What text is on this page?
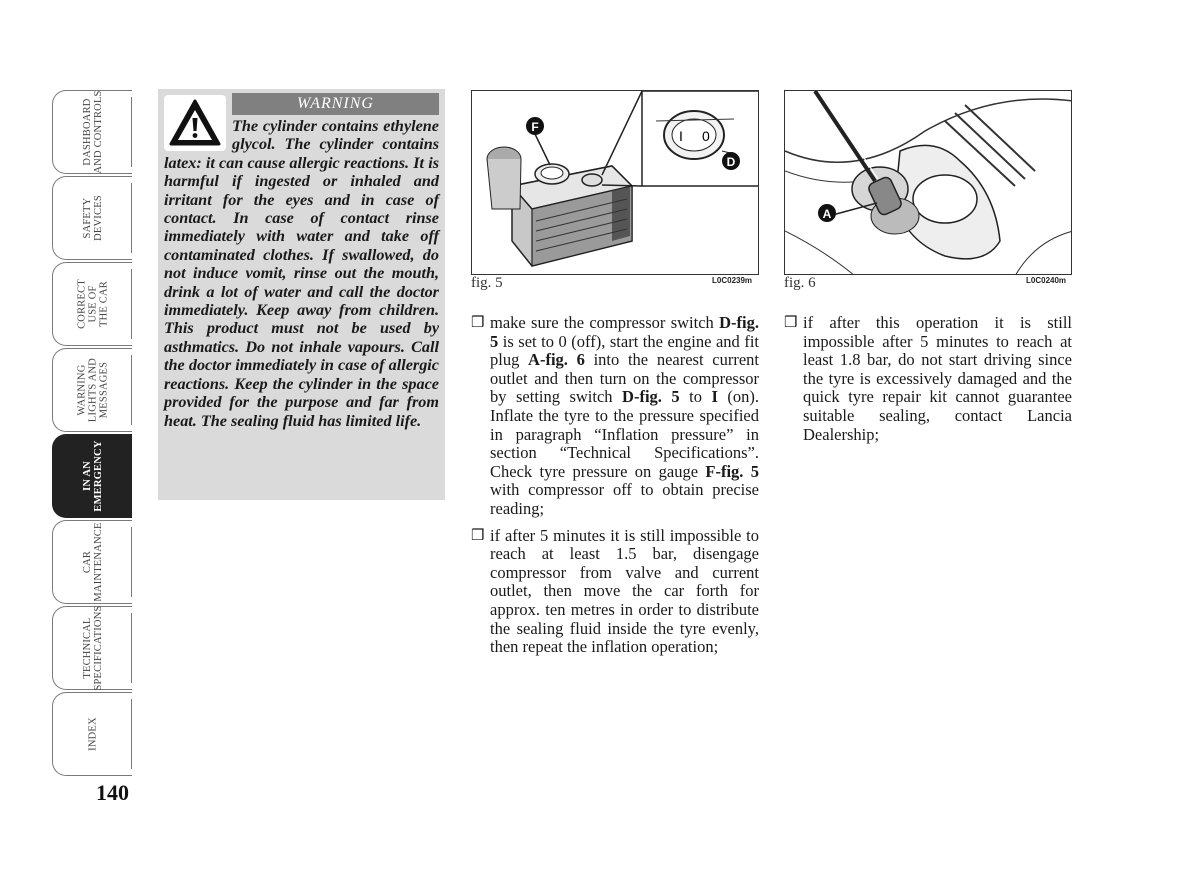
DASHBOARD
AND CONTROLS
SAFETY
DEVICES
CORRECT
USE OF
THE CAR
WARNING
LIGHTS AND
MESSAGES
IN AN
EMERGENCY
CAR
MAINTENANCE
TECHNICAL
SPECIFICATIONS
INDEX
140
WARNING
The cylinder contains ethylene glycol. The cylinder contains latex: it can cause allergic reactions. It is harmful if ingested or inhaled and irritant for the eyes and in case of contact. In case of contact rinse immediately with water and take off contaminated clothes. If swallowed, do not induce vomit, rinse out the mouth, drink a lot of water and call the doctor immediately. Keep away from children. This product must not be used by asthmatics. Do not inhale vapours. Call the doctor immediately in case of allergic reactions. Keep the cylinder in the space provided for the purpose and far from heat. The sealing fluid has limited life.
I 0
F
D
fig. 5	L0C0239m
A
fig. 6	L0C0240m
❒ make sure the compressor switch D-fig. 5 is set to 0 (off), start the engine and fit plug A-fig. 6 into the nearest current outlet and then turn on the compressor by setting switch D-fig. 5 to I (on). Inflate the tyre to the pressure specified in paragraph “Inflation pressure” in section “Technical Specifications”. Check tyre pressure on gauge F-fig. 5 with compressor off to obtain precise reading;
❒ if after 5 minutes it is still impossible to reach at least 1.5 bar, disengage compressor from valve and current outlet, then move the car forth for approx. ten metres in order to distribute the sealing fluid inside the tyre evenly, then repeat the inflation operation;
❒ if after this operation it is still impossible after 5 minutes to reach at least 1.8 bar, do not start driving since the tyre is excessively damaged and the quick tyre repair kit cannot guarantee suitable sealing, contact Lancia Dealership;
